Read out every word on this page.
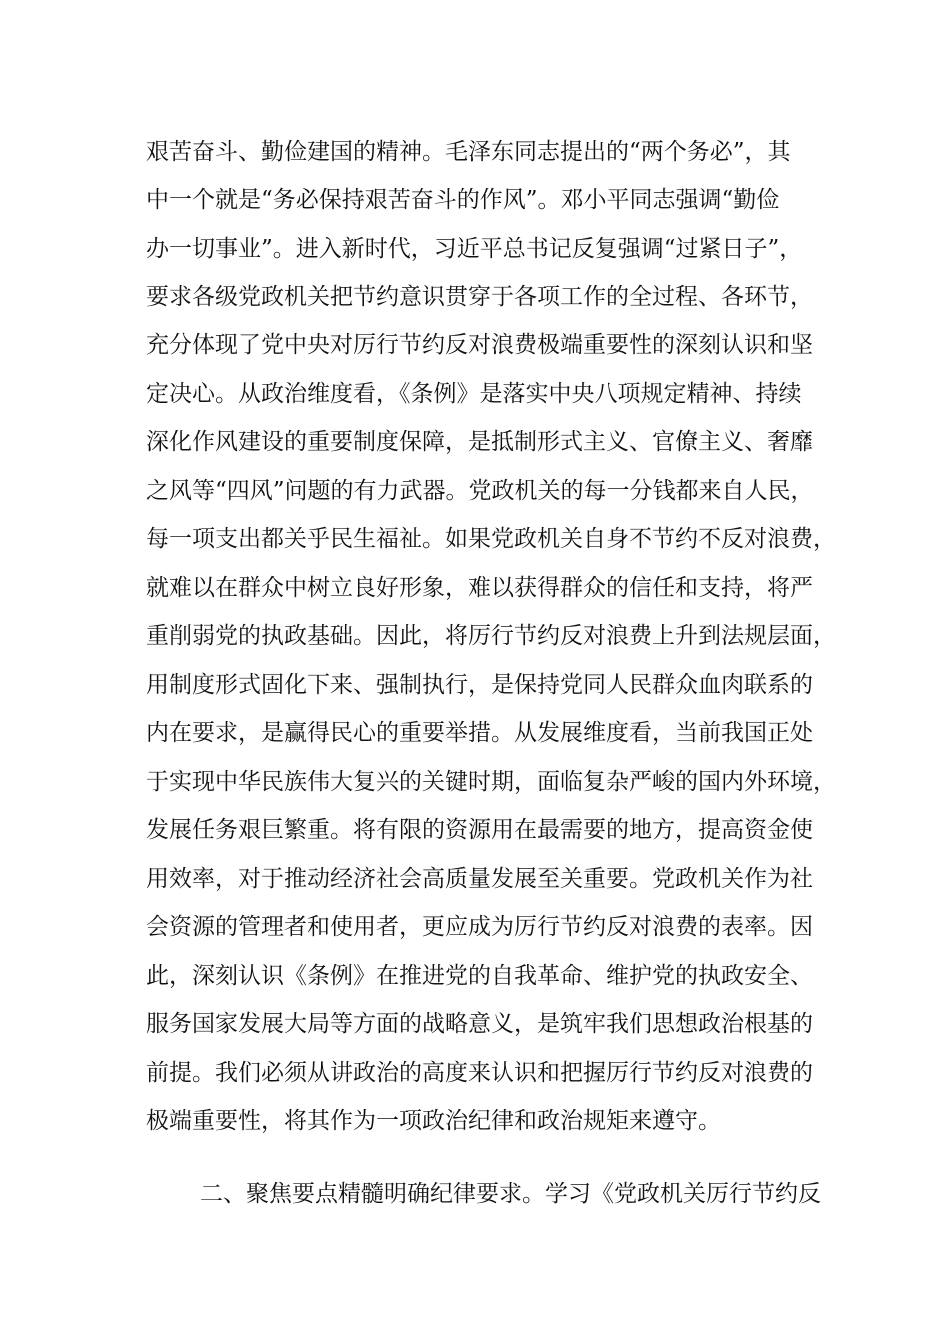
艰苦奋斗、勤俭建国的精神。毛泽东同志提出的“两个务必”，其
中一个就是“务必保持艰苦奋斗的作风”。邓小平同志强调“勤俭
办一切事业”。进入新时代，习近平总书记反复强调“过紧日子”，
要求各级党政机关把节约意识贯穿于各项工作的全过程、各环节，
充分体现了党中央对厉行节约反对浪费极端重要性的深刻认识和坚
定决心。从政治维度看，《条例》是落实中央八项规定精神、持续
深化作风建设的重要制度保障，是抵制形式主义、官僚主义、奢靡
之风等“四风”问题的有力武器。党政机关的每一分钱都来自人民，
每一项支出都关乎民生福祉。如果党政机关自身不节约不反对浪费，
就难以在群众中树立良好形象，难以获得群众的信任和支持，将严
重削弱党的执政基础。因此，将厉行节约反对浪费上升到法规层面，
用制度形式固化下来、强制执行，是保持党同人民群众血肉联系的
内在要求，是赢得民心的重要举措。从发展维度看，当前我国正处
于实现中华民族伟大复兴的关键时期，面临复杂严峻的国内外环境，
发展任务艰巨繁重。将有限的资源用在最需要的地方，提高资金使
用效率，对于推动经济社会高质量发展至关重要。党政机关作为社
会资源的管理者和使用者，更应成为厉行节约反对浪费的表率。因
此，深刻认识《条例》在推进党的自我革命、维护党的执政安全、
服务国家发展大局等方面的战略意义，是筑牢我们思想政治根基的
前提。我们必须从讲政治的高度来认识和把握厉行节约反对浪费的
极端重要性，将其作为一项政治纪律和政治规矩来遵守。
二、聚焦要点精髓明确纪律要求。学习《党政机关厉行节约反
